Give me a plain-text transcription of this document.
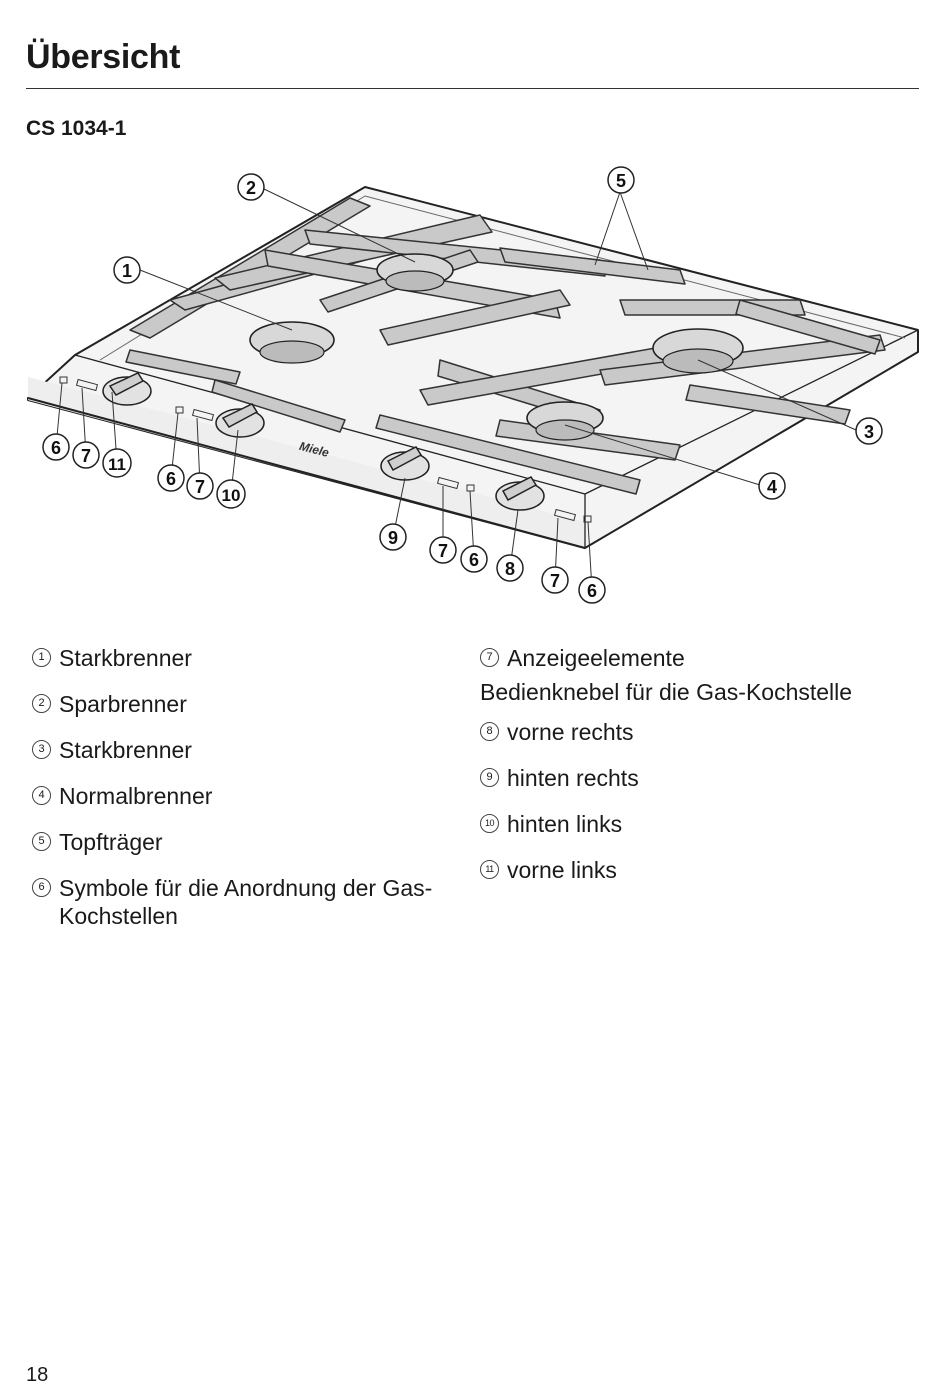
Übersicht
CS 1034-1
Miele
1
2
3
4
5
6 7 11
6 7 10
9
7 6 8
7 6
1 Starkbrenner
2 Sparbrenner
3 Starkbrenner
4 Normalbrenner
5 Topfträger
6 Symbole für die Anordnung der Gas-Kochstellen
7 Anzeigeelemente
Bedienknebel für die Gas-Kochstelle
8 vorne rechts
9 hinten rechts
10 hinten links
11 vorne links
18
